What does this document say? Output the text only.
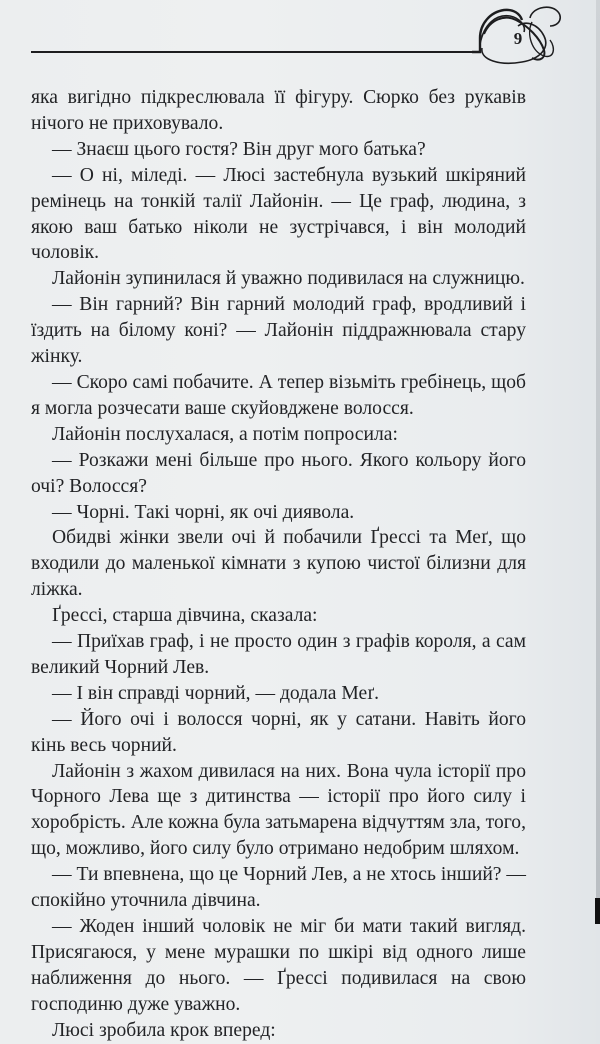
9

яка вигідно підкреслювала її фігуру. Сюрко без рукавів нічого не приховувало.

— Знаєш цього гостя? Він друг мого батька?

— О ні, міледі. — Люсі застебнула вузький шкіряний ремінець на тонкій талії Лайонін. — Це граф, людина, з якою ваш батько ніколи не зустрічався, і він молодий чоловік.

Лайонін зупинилася й уважно подивилася на служницю.

— Він гарний? Він гарний молодий граф, вродливий і їздить на білому коні? — Лайонін піддражнювала стару жінку.

— Скоро самі побачите. А тепер візьміть гребінець, щоб я могла розчесати ваше скуйовджене волосся.

Лайонін послухалася, а потім попросила:

— Розкажи мені більше про нього. Якого кольору його очі? Волосся?

— Чорні. Такі чорні, як очі диявола.

Обидві жінки звели очі й побачили Ґрессі та Меґ, що входили до маленької кімнати з купою чистої білизни для ліжка.

Ґрессі, старша дівчина, сказала:

— Приїхав граф, і не просто один з графів короля, а сам великий Чорний Лев.

— І він справді чорний, — додала Меґ.

— Його очі і волосся чорні, як у сатани. Навіть його кінь весь чорний.

Лайонін з жахом дивилася на них. Вона чула історії про Чорного Лева ще з дитинства — історії про його силу і хоробрість. Але кожна була затьмарена відчуттям зла, того, що, можливо, його силу було отримано недобрим шляхом.

— Ти впевнена, що це Чорний Лев, а не хтось інший? — спокійно уточнила дівчина.

— Жоден інший чоловік не міг би мати такий вигляд. Присягаюся, у мене мурашки по шкірі від одного лише наближення до нього. — Ґрессі подивилася на свою господиню дуже уважно.

Люсі зробила крок вперед:
